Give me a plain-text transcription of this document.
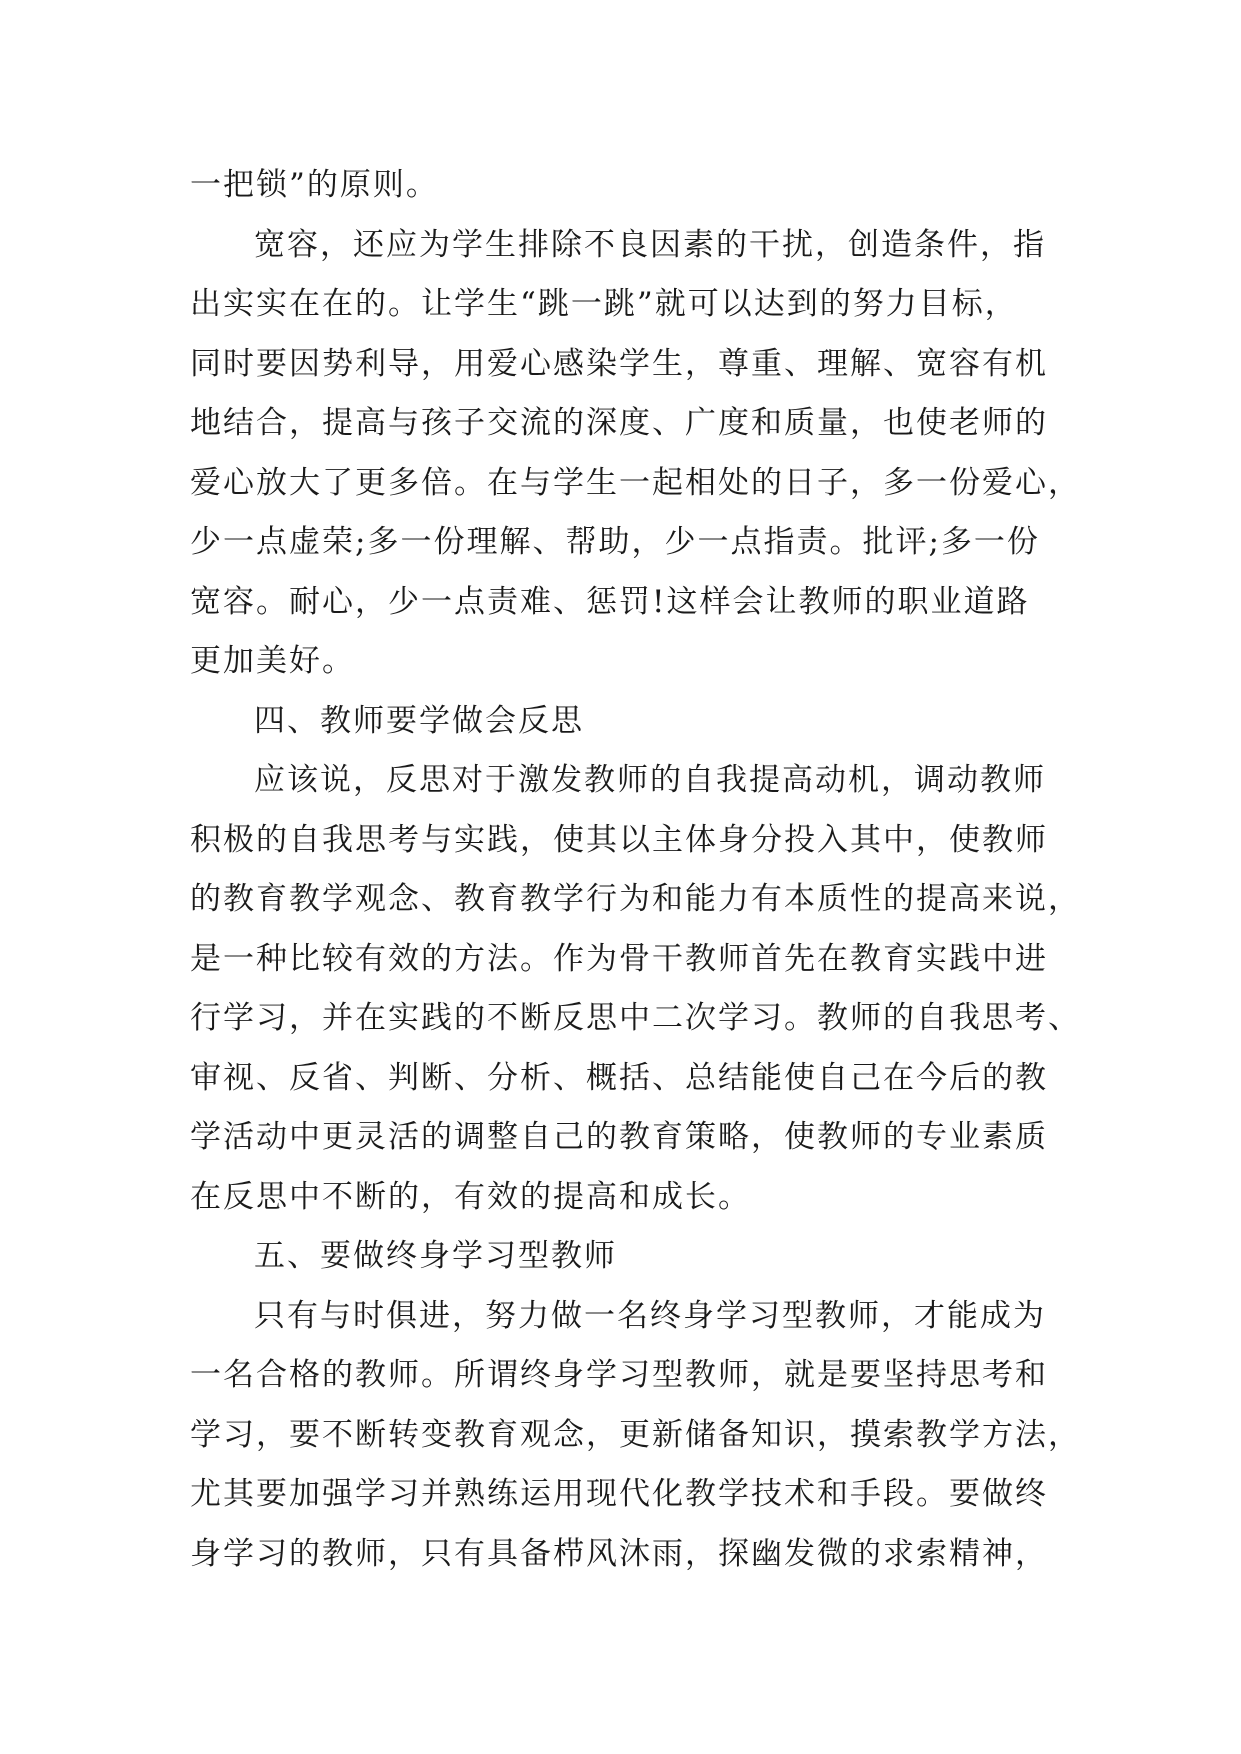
一把锁”的原则。
宽容，还应为学生排除不良因素的干扰，创造条件，指
出实实在在的。让学生“跳一跳”就可以达到的努力目标，
同时要因势利导，用爱心感染学生，尊重、理解、宽容有机
地结合，提高与孩子交流的深度、广度和质量，也使老师的
爱心放大了更多倍。在与学生一起相处的日子，多一份爱心，
少一点虚荣;多一份理解、帮助，少一点指责。批评;多一份
宽容。耐心，少一点责难、惩罚!这样会让教师的职业道路
更加美好。
四、教师要学做会反思
应该说，反思对于激发教师的自我提高动机，调动教师
积极的自我思考与实践，使其以主体身分投入其中，使教师
的教育教学观念、教育教学行为和能力有本质性的提高来说，
是一种比较有效的方法。作为骨干教师首先在教育实践中进
行学习，并在实践的不断反思中二次学习。教师的自我思考、
审视、反省、判断、分析、概括、总结能使自己在今后的教
学活动中更灵活的调整自己的教育策略，使教师的专业素质
在反思中不断的，有效的提高和成长。
五、要做终身学习型教师
只有与时俱进，努力做一名终身学习型教师，才能成为
一名合格的教师。所谓终身学习型教师，就是要坚持思考和
学习，要不断转变教育观念，更新储备知识，摸索教学方法，
尤其要加强学习并熟练运用现代化教学技术和手段。要做终
身学习的教师，只有具备栉风沐雨，探幽发微的求索精神，
